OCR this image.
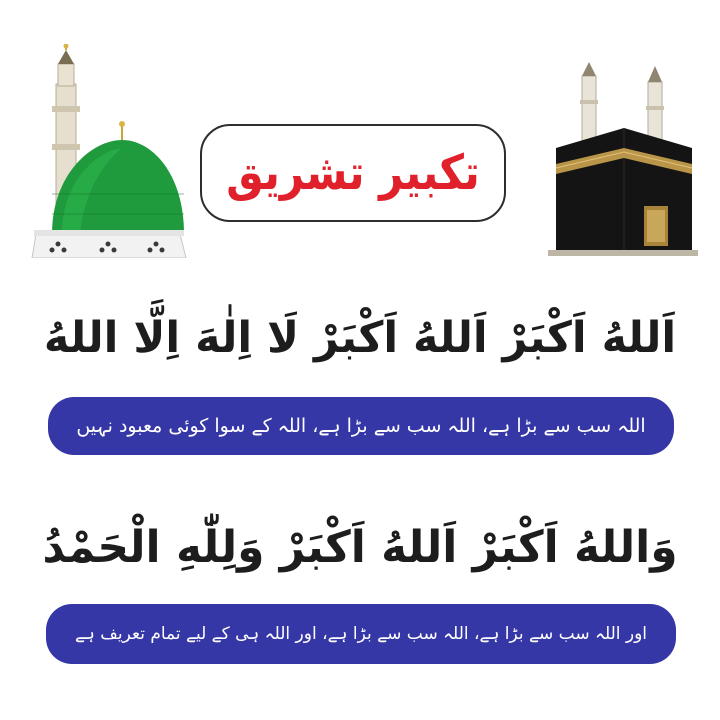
تکبیر تشریق
اَللهُ اَكْبَرْ اَللهُ اَكْبَرْ لَا اِلٰهَ اِلَّا اللهُ
اللہ سب سے بڑا ہے، اللہ سب سے بڑا ہے، اللہ کے سوا کوئی معبود نہیں
وَاللهُ اَكْبَرْ اَللهُ اَكْبَرْ وَلِلّٰهِ الْحَمْدُ
اور اللہ سب سے بڑا ہے، اللہ سب سے بڑا ہے، اور اللہ ہی کے لیے تمام تعریف ہے
